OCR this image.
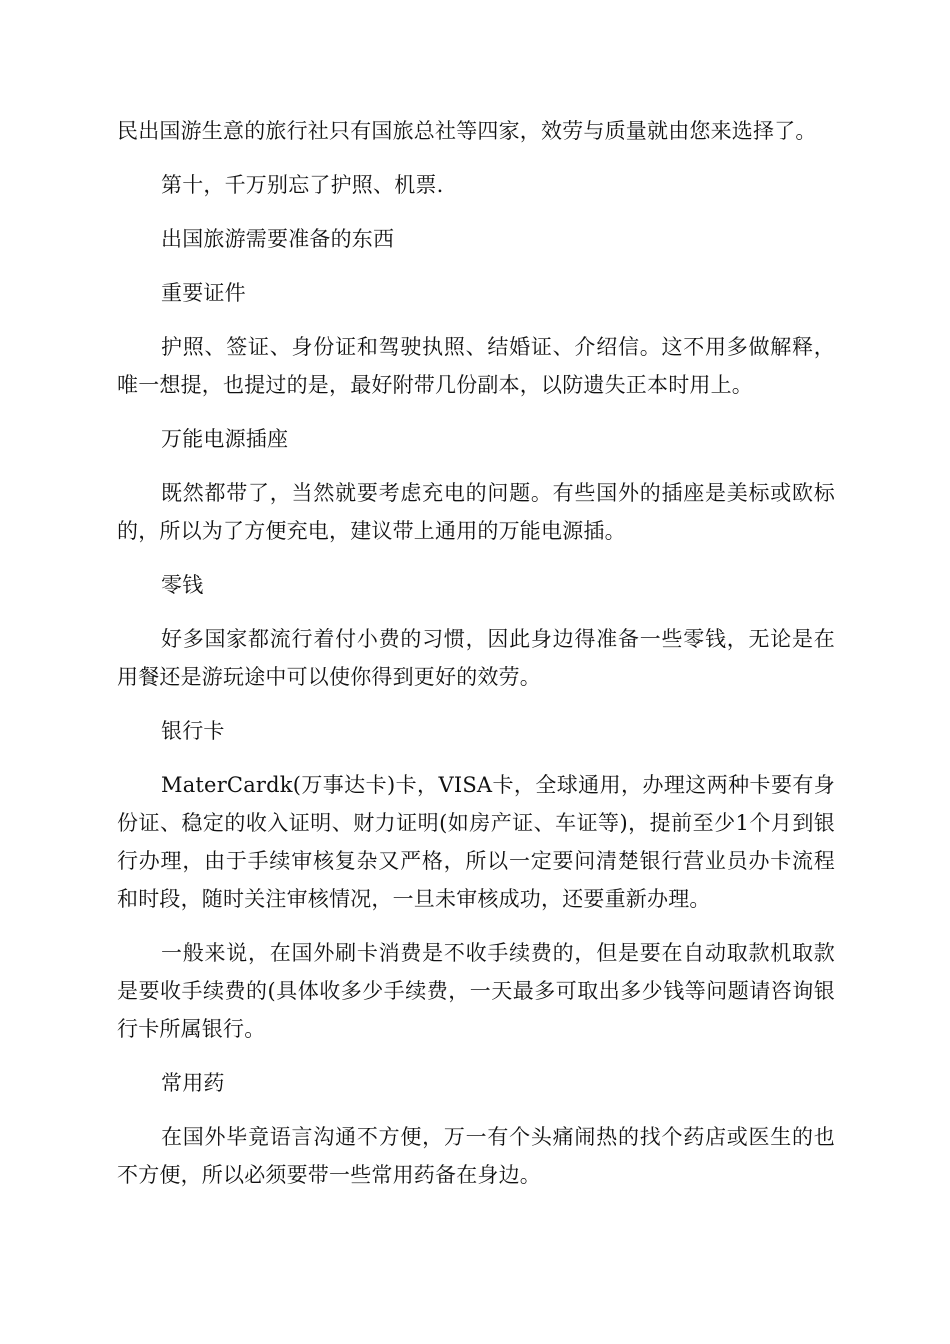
民出国游生意的旅行社只有国旅总社等四家，效劳与质量就由您来选择了。

第十，千万别忘了护照、机票.

出国旅游需要准备的东西

重要证件

护照、签证、身份证和驾驶执照、结婚证、介绍信。这不用多做解释，唯一想提，也提过的是，最好附带几份副本，以防遗失正本时用上。

万能电源插座

既然都带了，当然就要考虑充电的问题。有些国外的插座是美标或欧标的，所以为了方便充电，建议带上通用的万能电源插。

零钱

好多国家都流行着付小费的习惯，因此身边得准备一些零钱，无论是在用餐还是游玩途中可以使你得到更好的效劳。

银行卡

MaterCardk(万事达卡)卡，VISA卡，全球通用，办理这两种卡要有身份证、稳定的收入证明、财力证明(如房产证、车证等)，提前至少1个月到银行办理，由于手续审核复杂又严格，所以一定要问清楚银行营业员办卡流程和时段，随时关注审核情况，一旦未审核成功，还要重新办理。

一般来说，在国外刷卡消费是不收手续费的，但是要在自动取款机取款是要收手续费的(具体收多少手续费，一天最多可取出多少钱等问题请咨询银行卡所属银行。

常用药

在国外毕竟语言沟通不方便，万一有个头痛闹热的找个药店或医生的也不方便，所以必须要带一些常用药备在身边。
